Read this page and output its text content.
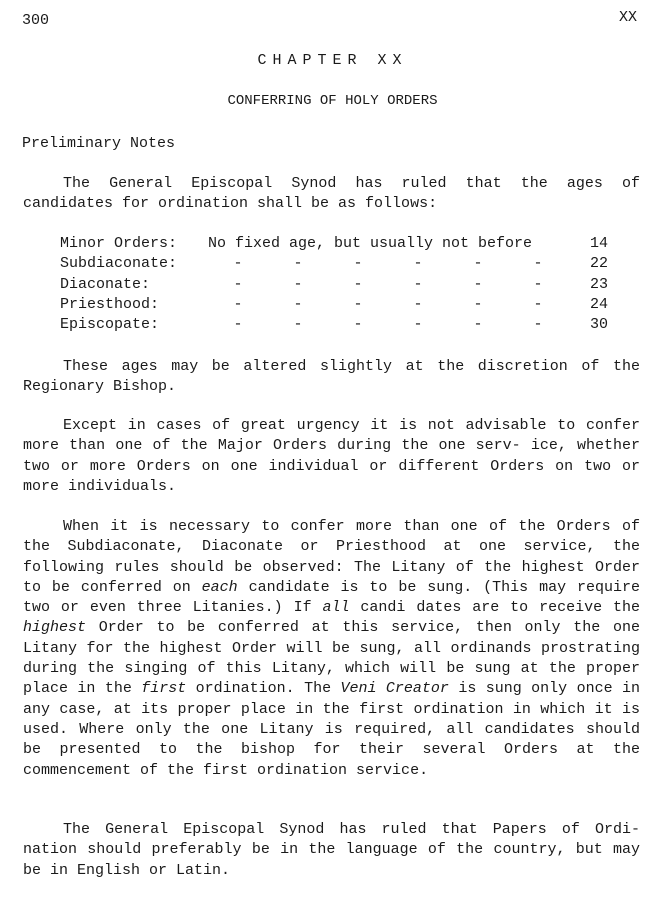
300	XX
CHAPTER XX
CONFERRING OF HOLY ORDERS
Preliminary Notes

The General Episcopal Synod has ruled that the ages of candidates for ordination shall be as follows:

Minor Orders:	No fixed age, but usually not before						14
Subdiaconate:	-	-	-	-	-	-	22
Diaconate:	-	-	-	-	-	-	23
Priesthood:	-	-	-	-	-	-	24
Episcopate:	-	-	-	-	-	-	30

These ages may be altered slightly at the discretion of the Regionary Bishop.

Except in cases of great urgency it is not advisable to confer more than one of the Major Orders during the one serv- ice, whether two or more Orders on one individual or different Orders on two or more individuals.

When it is necessary to confer more than one of the Orders of the Subdiaconate, Diaconate or Priesthood at one service, the following rules should be observed: The Litany of the highest Order to be conferred on each candidate is to be sung. (This may require two or even three Litanies.) If all candi dates are to receive the highest Order to be conferred at this service, then only the one Litany for the highest Order will be sung, all ordinands prostrating during the singing of this Litany, which will be sung at the proper place in the first ordination. The Veni Creator is sung only once in any case, at its proper place in the first ordination in which it is used. Where only the one Litany is required, all candidates should be presented to the bishop for their several Orders at the commencement of the first ordination service.

The General Episcopal Synod has ruled that Papers of Ordi- nation should preferably be in the language of the country, but may be in English or Latin.
